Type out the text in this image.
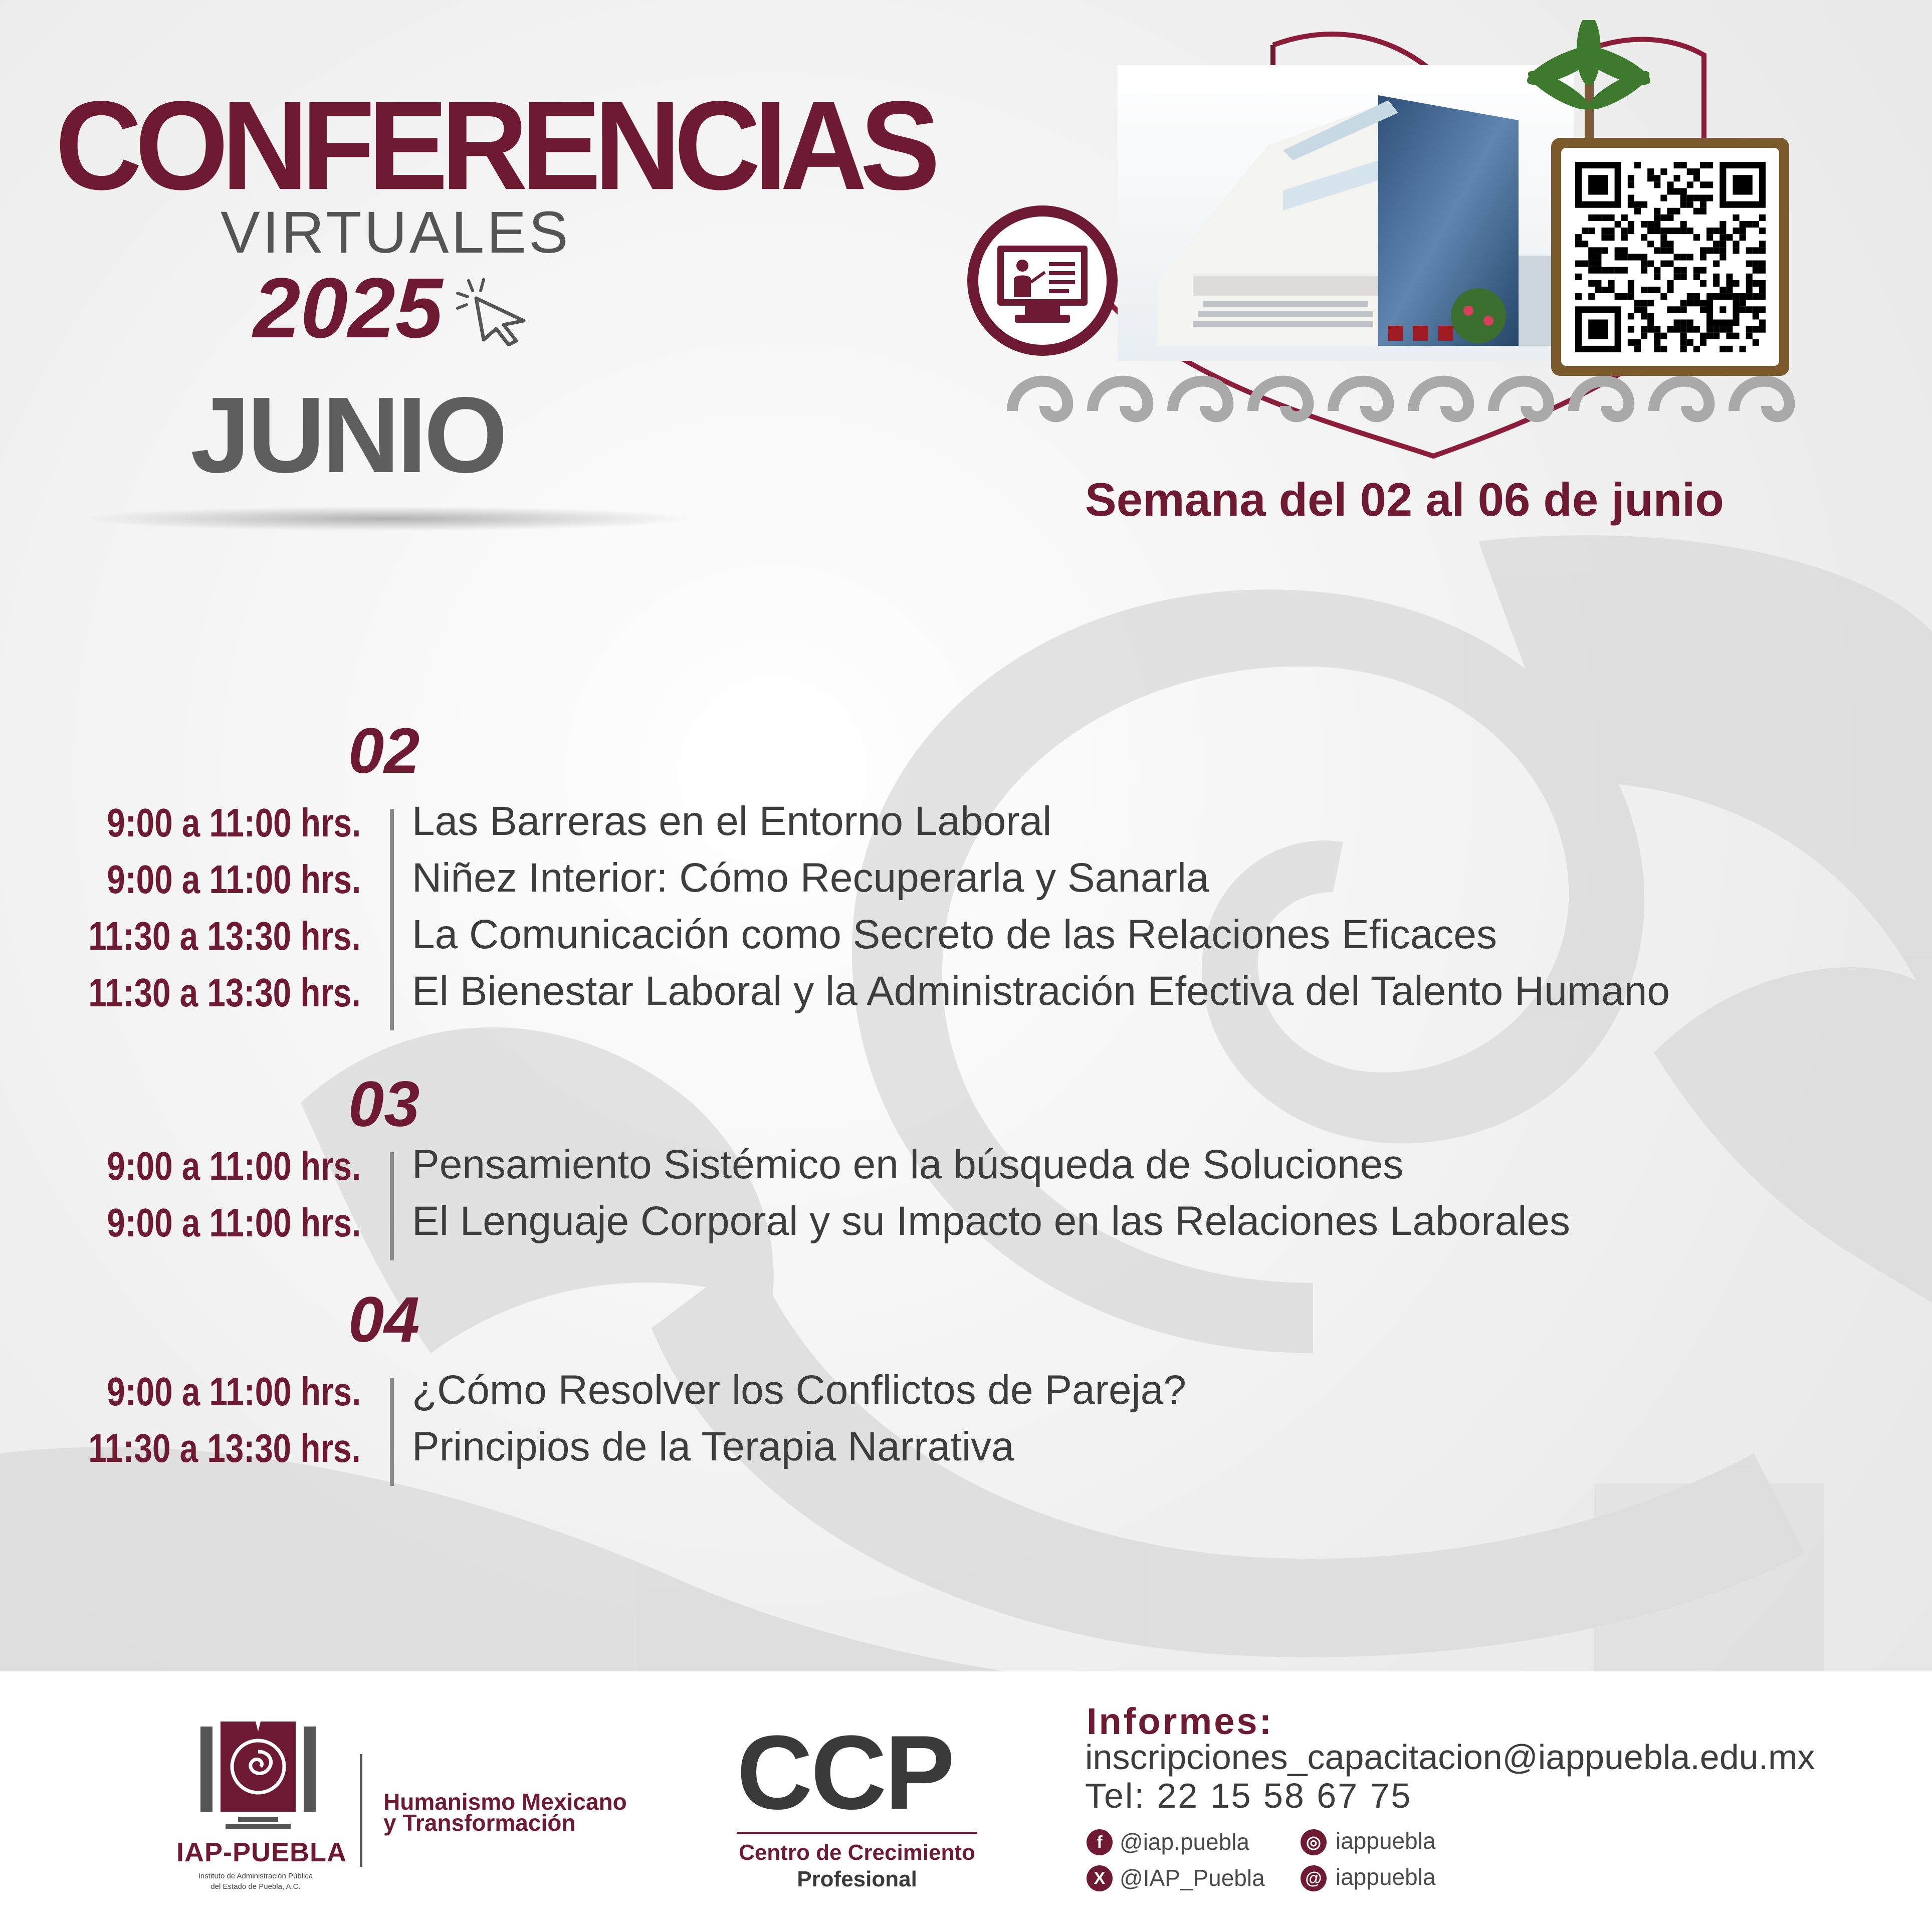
CONFERENCIAS
VIRTUALES
2025
JUNIO
Semana del 02 al 06 de junio
02
9:00 a 11:00 hrs. Las Barreras en el Entorno Laboral
9:00 a 11:00 hrs. Niñez Interior: Cómo Recuperarla y Sanarla
11:30 a 13:30 hrs. La Comunicación como Secreto de las Relaciones Eficaces
11:30 a 13:30 hrs. El Bienestar Laboral y la Administración Efectiva del Talento Humano
03
9:00 a 11:00 hrs. Pensamiento Sistémico en la búsqueda de Soluciones
9:00 a 11:00 hrs. El Lenguaje Corporal y su Impacto en las Relaciones Laborales
04
9:00 a 11:00 hrs. ¿Cómo Resolver los Conflictos de Pareja?
11:30 a 13:30 hrs. Principios de la Terapia Narrativa
IAP-PUEBLA
Instituto de Administración Pública
del Estado de Puebla, A.C.
Humanismo Mexicano
y Transformación CCP
Centro de Crecimiento
Profesional
Informes:
inscripciones_capacitacion@iappuebla.edu.mx
Tel: 22 15 58 67 75
f @iap.puebla	◎ iappuebla
X @IAP_Puebla @ iappuebla
